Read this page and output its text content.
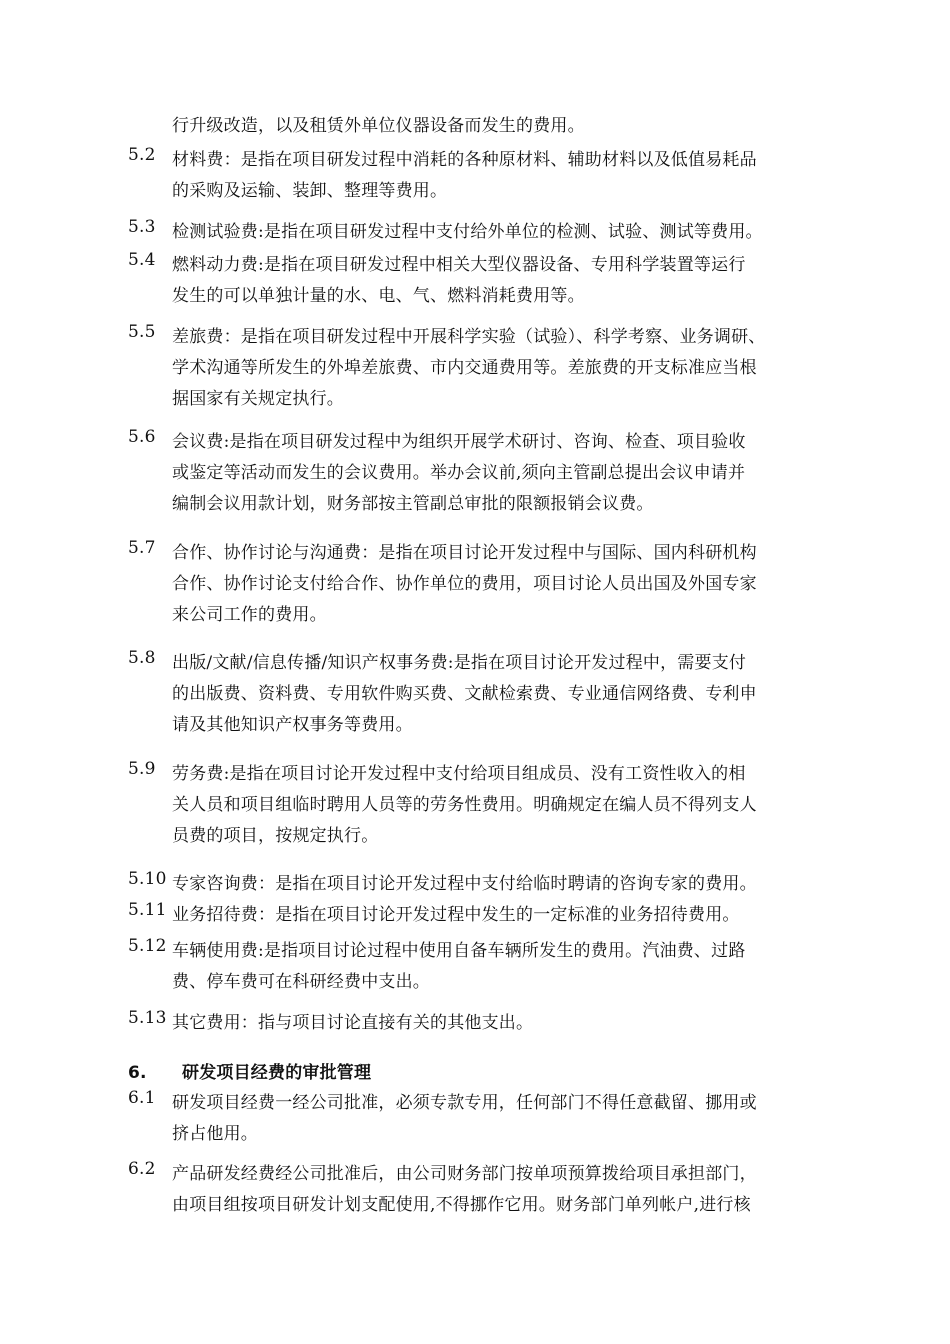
行升级改造，以及租赁外单位仪器设备而发生的费用。
5.2 材料费：是指在项目研发过程中消耗的各种原材料、辅助材料以及低值易耗品
的采购及运输、装卸、整理等费用。
5.3 检测试验费:是指在项目研发过程中支付给外单位的检测、试验、测试等费用。
5.4 燃料动力费:是指在项目研发过程中相关大型仪器设备、专用科学装置等运行
发生的可以单独计量的水、电、气、燃料消耗费用等。
5.5 差旅费：是指在项目研发过程中开展科学实验（试验）、科学考察、业务调研、
学术沟通等所发生的外埠差旅费、市内交通费用等。差旅费的开支标准应当根
据国家有关规定执行。
5.6 会议费:是指在项目研发过程中为组织开展学术研讨、咨询、检查、项目验收
或鉴定等活动而发生的会议费用。举办会议前,须向主管副总提出会议申请并
编制会议用款计划，财务部按主管副总审批的限额报销会议费。
5.7 合作、协作讨论与沟通费：是指在项目讨论开发过程中与国际、国内科研机构
合作、协作讨论支付给合作、协作单位的费用，项目讨论人员出国及外国专家
来公司工作的费用。
5.8 出版/文献/信息传播/知识产权事务费:是指在项目讨论开发过程中，需要支付
的出版费、资料费、专用软件购买费、文献检索费、专业通信网络费、专利申
请及其他知识产权事务等费用。
5.9 劳务费:是指在项目讨论开发过程中支付给项目组成员、没有工资性收入的相
关人员和项目组临时聘用人员等的劳务性费用。明确规定在编人员不得列支人
员费的项目，按规定执行。
5.10 专家咨询费：是指在项目讨论开发过程中支付给临时聘请的咨询专家的费用。
5.11 业务招待费：是指在项目讨论开发过程中发生的一定标准的业务招待费用。
5.12 车辆使用费:是指项目讨论过程中使用自备车辆所发生的费用。汽油费、过路
费、停车费可在科研经费中支出。
5.13 其它费用：指与项目讨论直接有关的其他支出。
6. 研发项目经费的审批管理
6.1 研发项目经费一经公司批准，必须专款专用，任何部门不得任意截留、挪用或
挤占他用。
6.2 产品研发经费经公司批准后，由公司财务部门按单项预算拨给项目承担部门，
由项目组按项目研发计划支配使用,不得挪作它用。财务部门单列帐户,进行核
